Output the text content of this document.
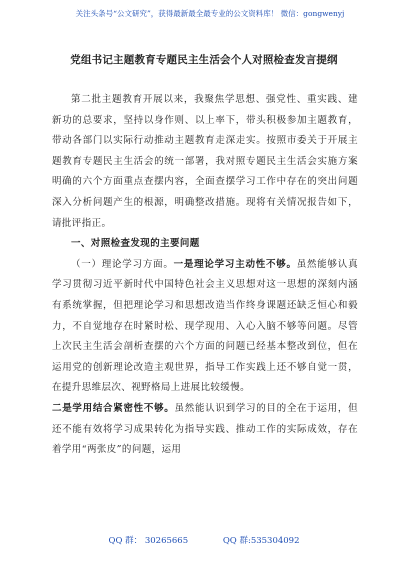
关注头条号“公文研究”，获得最新最全最专业的公文资料库！ 微信：gongwenyj
党组书记主题教育专题民主生活会个人对照检查发言提纲

第二批主题教育开展以来，我聚焦学思想、强党性、重实践、建新功的总要求，坚持以身作则、以上率下，带头积极参加主题教育，带动各部门以实际行动推动主题教育走深走实。按照市委关于开展主题教育专题民主生活会的统一部署，我对照专题民主生活会实施方案明确的六个方面重点查摆内容，全面查摆学习工作中存在的突出问题深入分析问题产生的根源，明确整改措施。现将有关情况报告如下，请批评指正。

一、对照检查发现的主要问题

（一）理论学习方面。一是理论学习主动性不够。虽然能够认真学习贯彻习近平新时代中国特色社会主义思想对这一思想的深刻内涵有系统掌握，但把理论学习和思想改造当作终身课题还缺乏恒心和毅力，不自觉地存在时紧时松、现学现用、入心入脑不够等问题。尽管上次民主生活会剖析查摆的六个方面的问题已经基本整改到位，但在运用党的创新理论改造主观世界，指导工作实践上还不够自觉一贯，在提升思维层次、视野格局上进展比较缓慢。

二是学用结合紧密性不够。虽然能认识到学习的目的全在于运用，但还不能有效将学习成果转化为指导实践、推动工作的实际成效，存在着学用“两张皮”的问题，运用

QQ 群： 30265665	QQ 群:535304092
